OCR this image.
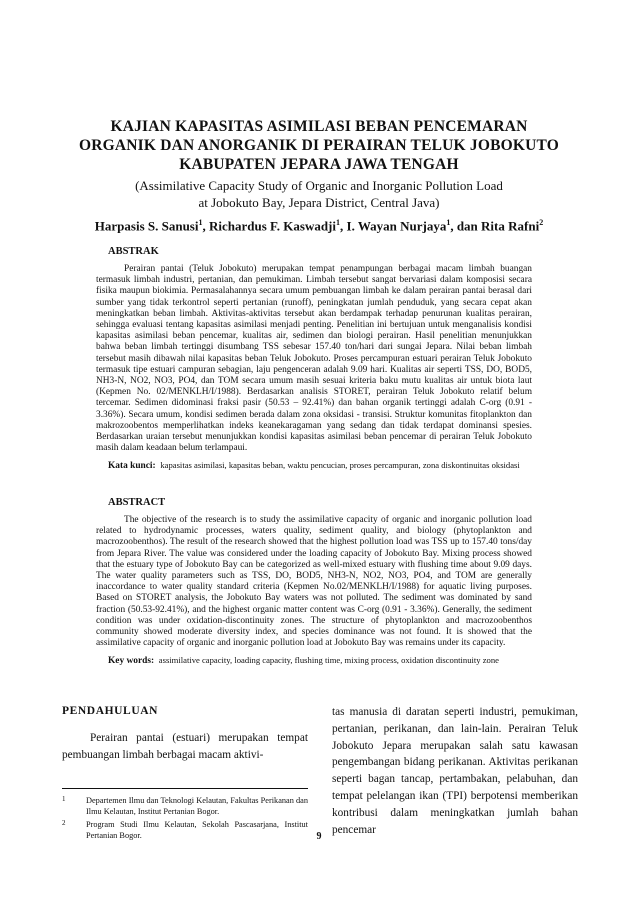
KAJIAN KAPASITAS ASIMILASI BEBAN PENCEMARAN
ORGANIK DAN ANORGANIK DI PERAIRAN TELUK JOBOKUTO
KABUPATEN JEPARA JAWA TENGAH
(Assimilative Capacity Study of Organic and Inorganic Pollution Load
at Jobokuto Bay, Jepara District, Central Java)
Harpasis S. Sanusi$^1$, Richardus F. Kaswadji$^1$, I. Wayan Nurjaya$^1$, dan Rita Rafni$^2$

ABSTRAK

Perairan pantai (Teluk Jobokuto) merupakan tempat penampungan berbagai macam limbah buangan termasuk limbah industri, pertanian, dan pemukiman. Limbah tersebut sangat bervariasi dalam komposisi secara fisika maupun biokimia. Permasalahannya secara umum pembuangan limbah ke dalam perairan pantai berasal dari sumber yang tidak terkontrol seperti pertanian (runoff), peningkatan jumlah penduduk, yang secara cepat akan meningkatkan beban limbah. Aktivitas-aktivitas tersebut akan berdampak terhadap penurunan kualitas perairan, sehingga evaluasi tentang kapasitas asimilasi menjadi penting. Penelitian ini bertujuan untuk menganalisis kondisi kapasitas asimilasi beban pencemar, kualitas air, sedimen dan biologi perairan. Hasil penelitian menunjukkan bahwa beban limbah tertinggi disumbang TSS sebesar 157.40 ton/hari dari sungai Jepara. Nilai beban limbah tersebut masih dibawah nilai kapasitas beban Teluk Jobokuto. Proses percampuran estuari perairan Teluk Jobokuto termasuk tipe estuari campuran sebagian, laju pengenceran adalah 9.09 hari. Kualitas air seperti TSS, DO, BOD5, NH3-N, NO2, NO3, PO4, dan TOM secara umum masih sesuai kriteria baku mutu kualitas air untuk biota laut (Kepmen No. 02/MENKLH/I/1988). Berdasarkan analisis STORET, perairan Teluk Jobokuto relatif belum tercemar. Sedimen didominasi fraksi pasir (50.53 – 92.41%) dan bahan organik tertinggi adalah C-org (0.91 - 3.36%). Secara umum, kondisi sedimen berada dalam zona oksidasi - transisi. Struktur komunitas fitoplankton dan makrozoobentos memperlihatkan indeks keanekaragaman yang sedang dan tidak terdapat dominansi spesies. Berdasarkan uraian tersebut menunjukkan kondisi kapasitas asimilasi beban pencemar di perairan Teluk Jobokuto masih dalam keadaan belum terlampaui.

Kata kunci: kapasitas asimilasi, kapasitas beban, waktu pencucian, proses percampuran, zona diskontinuitas oksidasi

ABSTRACT

The objective of the research is to study the assimilative capacity of organic and inorganic pollution load related to hydrodynamic processes, waters quality, sediment quality, and biology (phytoplankton and macrozoobenthos). The result of the research showed that the highest pollution load was TSS up to 157.40 tons/day from Jepara River. The value was considered under the loading capacity of Jobokuto Bay. Mixing process showed that the estuary type of Jobokuto Bay can be categorized as well-mixed estuary with flushing time about 9.09 days. The water quality parameters such as TSS, DO, BOD5, NH3-N, NO2, NO3, PO4, and TOM are generally inaccordance to water quality standard criteria (Kepmen No.02/MENKLH/I/1988) for aquatic living purposes. Based on STORET analysis, the Jobokuto Bay waters was not polluted. The sediment was dominated by sand fraction (50.53-92.41%), and the highest organic matter content was C-org (0.91 - 3.36%). Generally, the sediment condition was under oxidation-discontinuity zones. The structure of phytoplankton and macrozoobenthos community showed moderate diversity index, and species dominance was not found. It is showed that the assimilative capacity of organic and inorganic pollution load at Jobokuto Bay was remains under its capacity.

Key words: assimilative capacity, loading capacity, flushing time, mixing process, oxidation discontinuity zone

PENDAHULUAN

Perairan pantai (estuari) merupakan tempat pembuangan limbah berbagai macam aktivi-

tas manusia di daratan seperti industri, pemukiman, pertanian, perikanan, dan lain-lain. Perairan Teluk Jobokuto Jepara merupakan salah satu kawasan pengembangan bidang perikanan. Aktivitas perikanan seperti bagan tancap, pertambakan, pelabuhan, dan tempat pelelangan ikan (TPI) berpotensi memberikan kontribusi dalam meningkatkan jumlah bahan pencemar

1 Departemen Ilmu dan Teknologi Kelautan, Fakultas Perikanan dan Ilmu Kelautan, Institut Pertanian Bogor.
2 Program Studi Ilmu Kelautan, Sekolah Pascasarjana, Institut Pertanian Bogor.	9
